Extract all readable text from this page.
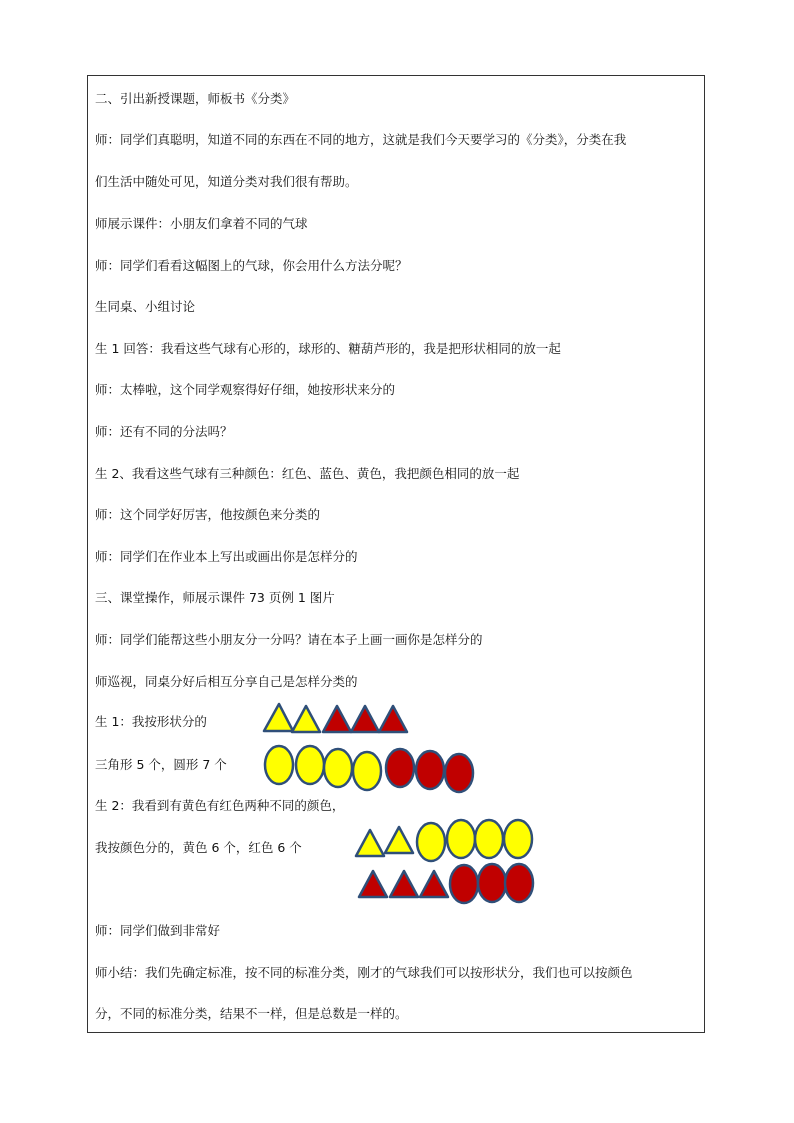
二、引出新授课题，师板书《分类》
师：同学们真聪明，知道不同的东西在不同的地方，这就是我们今天要学习的《分类》，分类在我
们生活中随处可见，知道分类对我们很有帮助。
师展示课件：小朋友们拿着不同的气球
师：同学们看看这幅图上的气球，你会用什么方法分呢？
生同桌、小组讨论
生 1 回答：我看这些气球有心形的，球形的、糖葫芦形的，我是把形状相同的放一起
师：太棒啦，这个同学观察得好仔细，她按形状来分的
师：还有不同的分法吗？
生 2、我看这些气球有三种颜色：红色、蓝色、黄色，我把颜色相同的放一起
师：这个同学好厉害，他按颜色来分类的
师：同学们在作业本上写出或画出你是怎样分的
三、课堂操作，师展示课件 73 页例 1 图片
师：同学们能帮这些小朋友分一分吗？请在本子上画一画你是怎样分的
师巡视，同桌分好后相互分享自己是怎样分类的
生 1：我按形状分的
三角形 5 个，圆形 7 个
生 2：我看到有黄色有红色两种不同的颜色，
我按颜色分的，黄色 6 个，红色 6 个
师：同学们做到非常好
师小结：我们先确定标准，按不同的标准分类，刚才的气球我们可以按形状分，我们也可以按颜色
分，不同的标准分类，结果不一样，但是总数是一样的。
